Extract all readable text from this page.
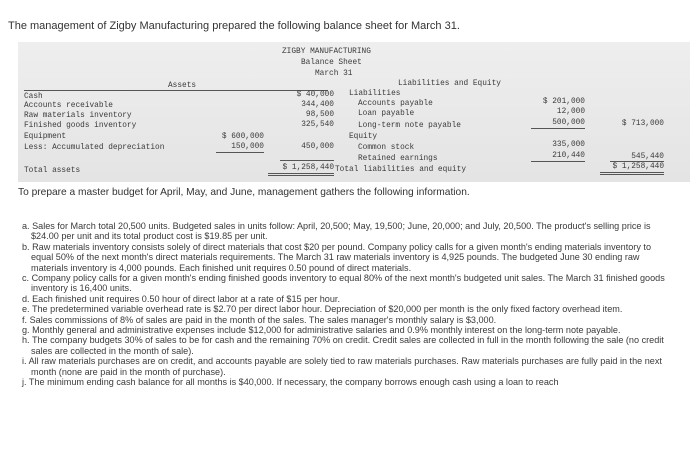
The management of Zigby Manufacturing prepared the following balance sheet for March 31.
ZIGBY MANUFACTURING
Balance Sheet
March 31
Assets	Liabilities and Equity
Cash	$ 40,000
Accounts receivable	344,400
Raw materials inventory	98,500
Finished goods inventory	325,540
Equipment	$ 600,000
Less: Accumulated depreciation	150,000	450,000
Total assets	$ 1,258,440
Liabilities
Accounts payable	$ 201,000
Loan payable	12,000
Long-term note payable	500,000	$ 713,000
Equity
Common stock	335,000
Retained earnings	210,440	545,440
Total liabilities and equity	$ 1,258,440
To prepare a master budget for April, May, and June, management gathers the following information.

a. Sales for March total 20,500 units. Budgeted sales in units follow: April, 20,500; May, 19,500; June, 20,000; and July, 20,500. The product's selling price is $24.00 per unit and its total product cost is $19.85 per unit.

b. Raw materials inventory consists solely of direct materials that cost $20 per pound. Company policy calls for a given month's ending materials inventory to equal 50% of the next month's direct materials requirements. The March 31 raw materials inventory is 4,925 pounds. The budgeted June 30 ending raw materials inventory is 4,000 pounds. Each finished unit requires 0.50 pound of direct materials.

c. Company policy calls for a given month's ending finished goods inventory to equal 80% of the next month's budgeted unit sales. The March 31 finished goods inventory is 16,400 units.

d. Each finished unit requires 0.50 hour of direct labor at a rate of $15 per hour.

e. The predetermined variable overhead rate is $2.70 per direct labor hour. Depreciation of $20,000 per month is the only fixed factory overhead item.

f. Sales commissions of 8% of sales are paid in the month of the sales. The sales manager's monthly salary is $3,000.

g. Monthly general and administrative expenses include $12,000 for administrative salaries and 0.9% monthly interest on the long-term note payable.

h. The company budgets 30% of sales to be for cash and the remaining 70% on credit. Credit sales are collected in full in the month following the sale (no credit sales are collected in the month of sale).

i. All raw materials purchases are on credit, and accounts payable are solely tied to raw materials purchases. Raw materials purchases are fully paid in the next month (none are paid in the month of purchase).

j. The minimum ending cash balance for all months is $40,000. If necessary, the company borrows enough cash using a loan to reach
